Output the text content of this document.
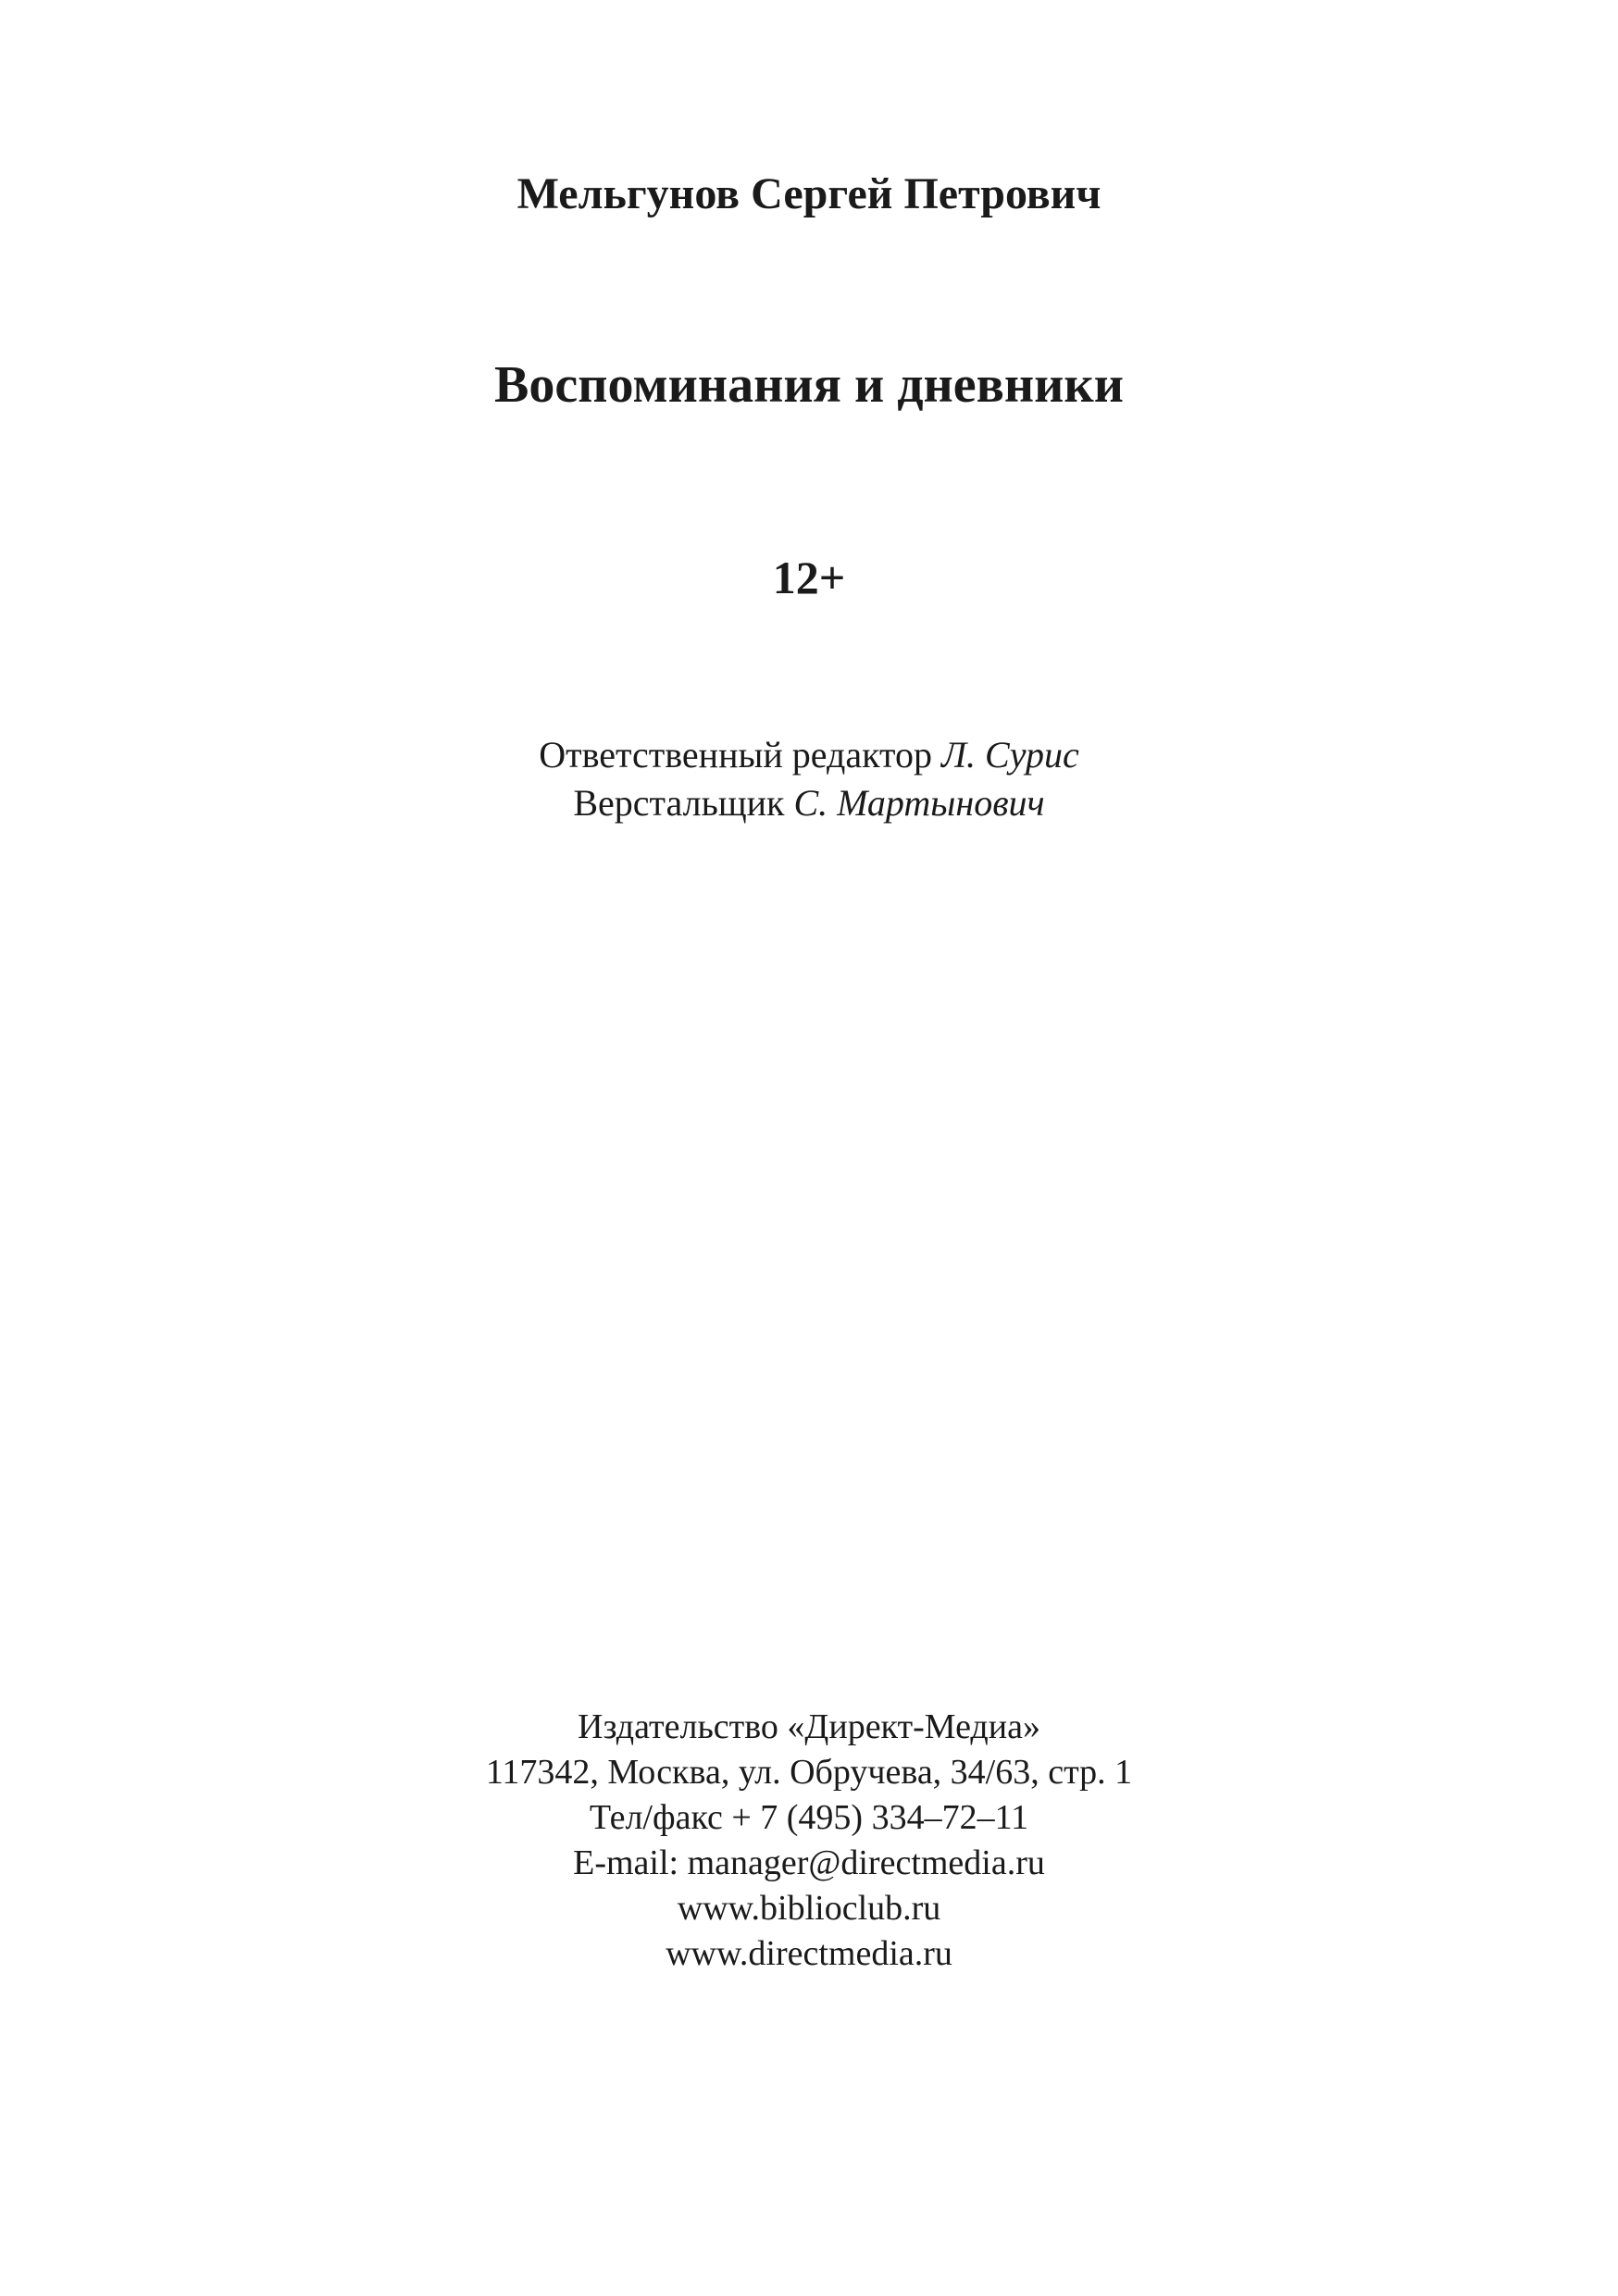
Мельгунов Сергей Петрович
Воспоминания и дневники
12+
Ответственный редактор Л. Сурис
Верстальщик С. Мартынович
Издательство «Директ-Медиа»
117342, Москва, ул. Обручева, 34/63, стр. 1
Тел/факс + 7 (495) 334–72–11
E-mail: manager@directmedia.ru
www.biblioclub.ru
www.directmedia.ru
